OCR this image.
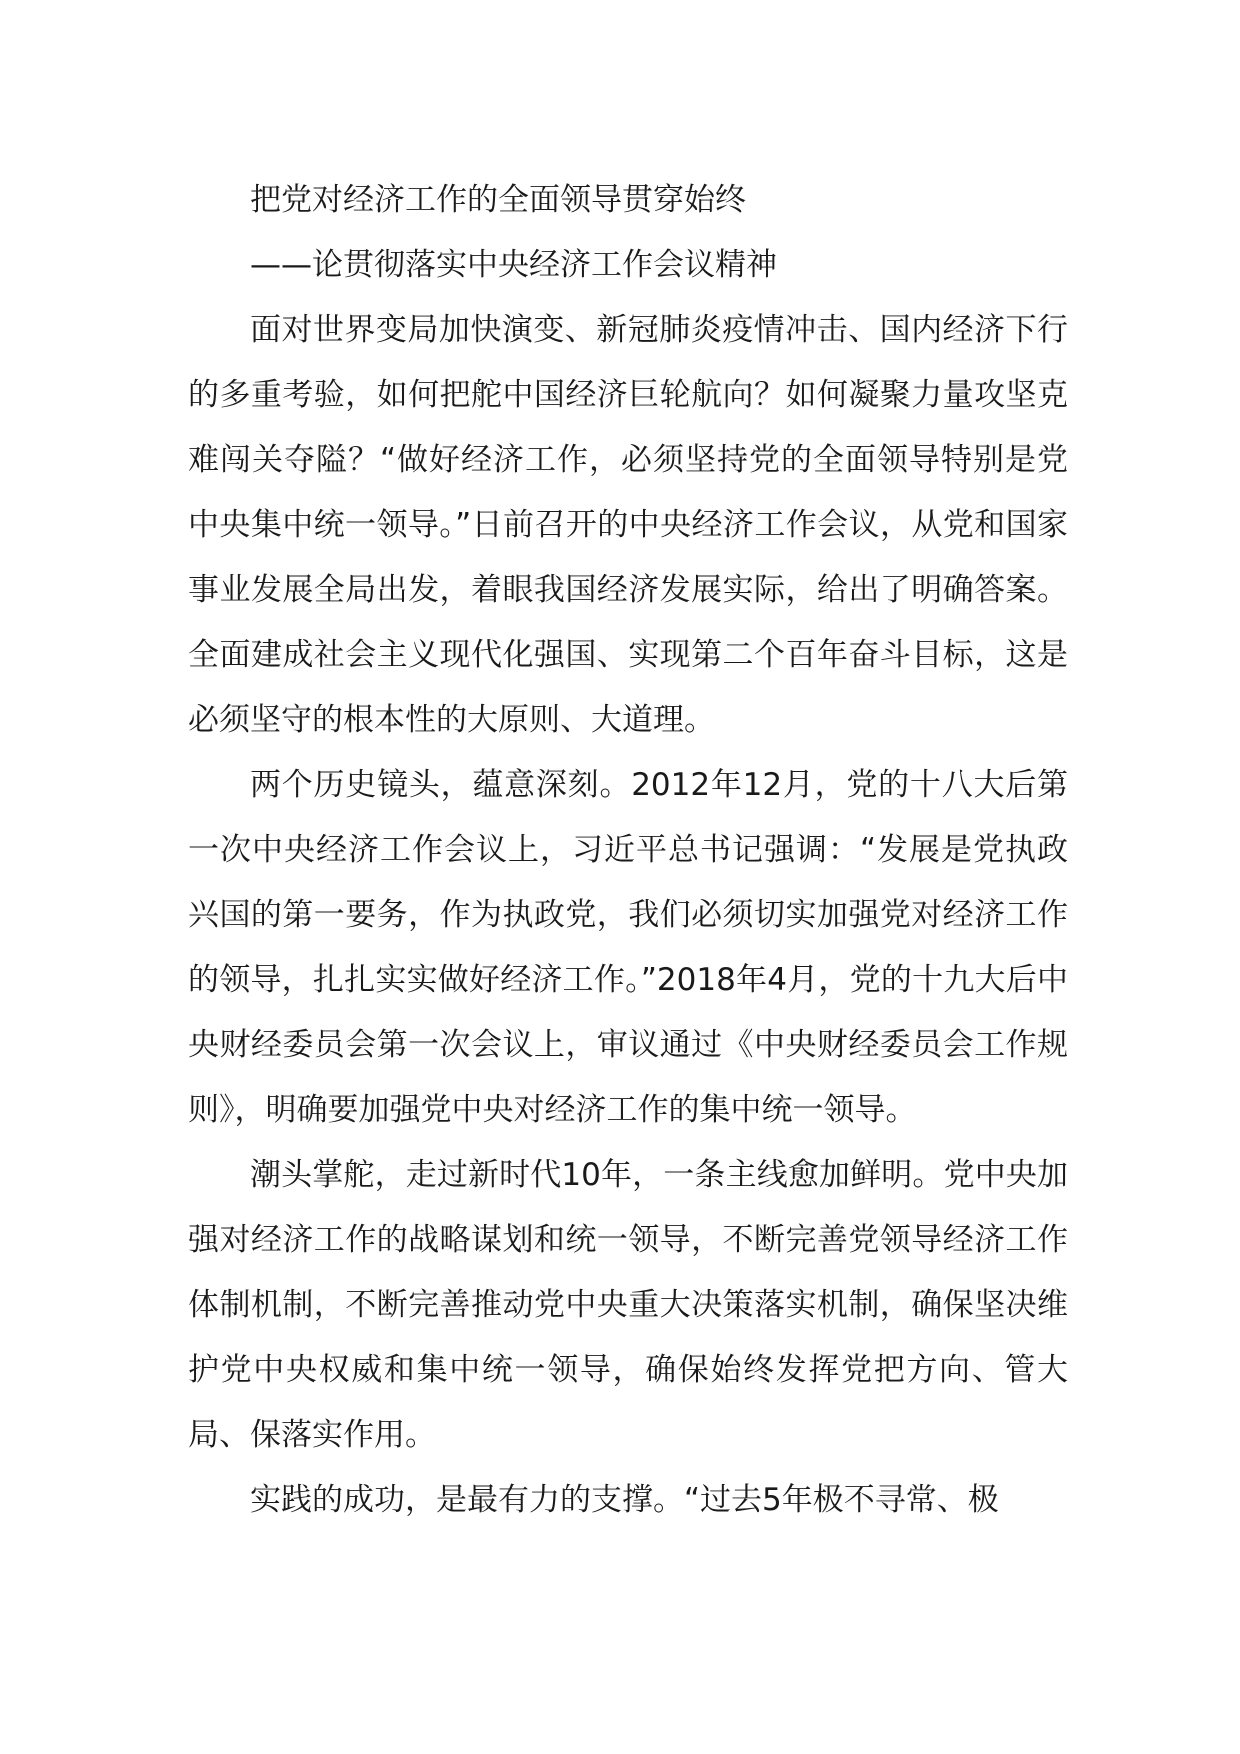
把党对经济工作的全面领导贯穿始终
——论贯彻落实中央经济工作会议精神

面对世界变局加快演变、新冠肺炎疫情冲击、国内经济下行的多重考验，如何把舵中国经济巨轮航向？如何凝聚力量攻坚克难闯关夺隘？“做好经济工作，必须坚持党的全面领导特别是党中央集中统一领导。”日前召开的中央经济工作会议，从党和国家事业发展全局出发，着眼我国经济发展实际，给出了明确答案。全面建成社会主义现代化强国、实现第二个百年奋斗目标，这是必须坚守的根本性的大原则、大道理。

两个历史镜头，蕴意深刻。2012年12月，党的十八大后第一次中央经济工作会议上，习近平总书记强调：“发展是党执政兴国的第一要务，作为执政党，我们必须切实加强党对经济工作的领导，扎扎实实做好经济工作。”2018年4月，党的十九大后中央财经委员会第一次会议上，审议通过《中央财经委员会工作规则》，明确要加强党中央对经济工作的集中统一领导。

潮头掌舵，走过新时代10年，一条主线愈加鲜明。党中央加强对经济工作的战略谋划和统一领导，不断完善党领导经济工作体制机制，不断完善推动党中央重大决策落实机制，确保坚决维护党中央权威和集中统一领导，确保始终发挥党把方向、管大局、保落实作用。

实践的成功，是最有力的支撑。“过去5年极不寻常、极
